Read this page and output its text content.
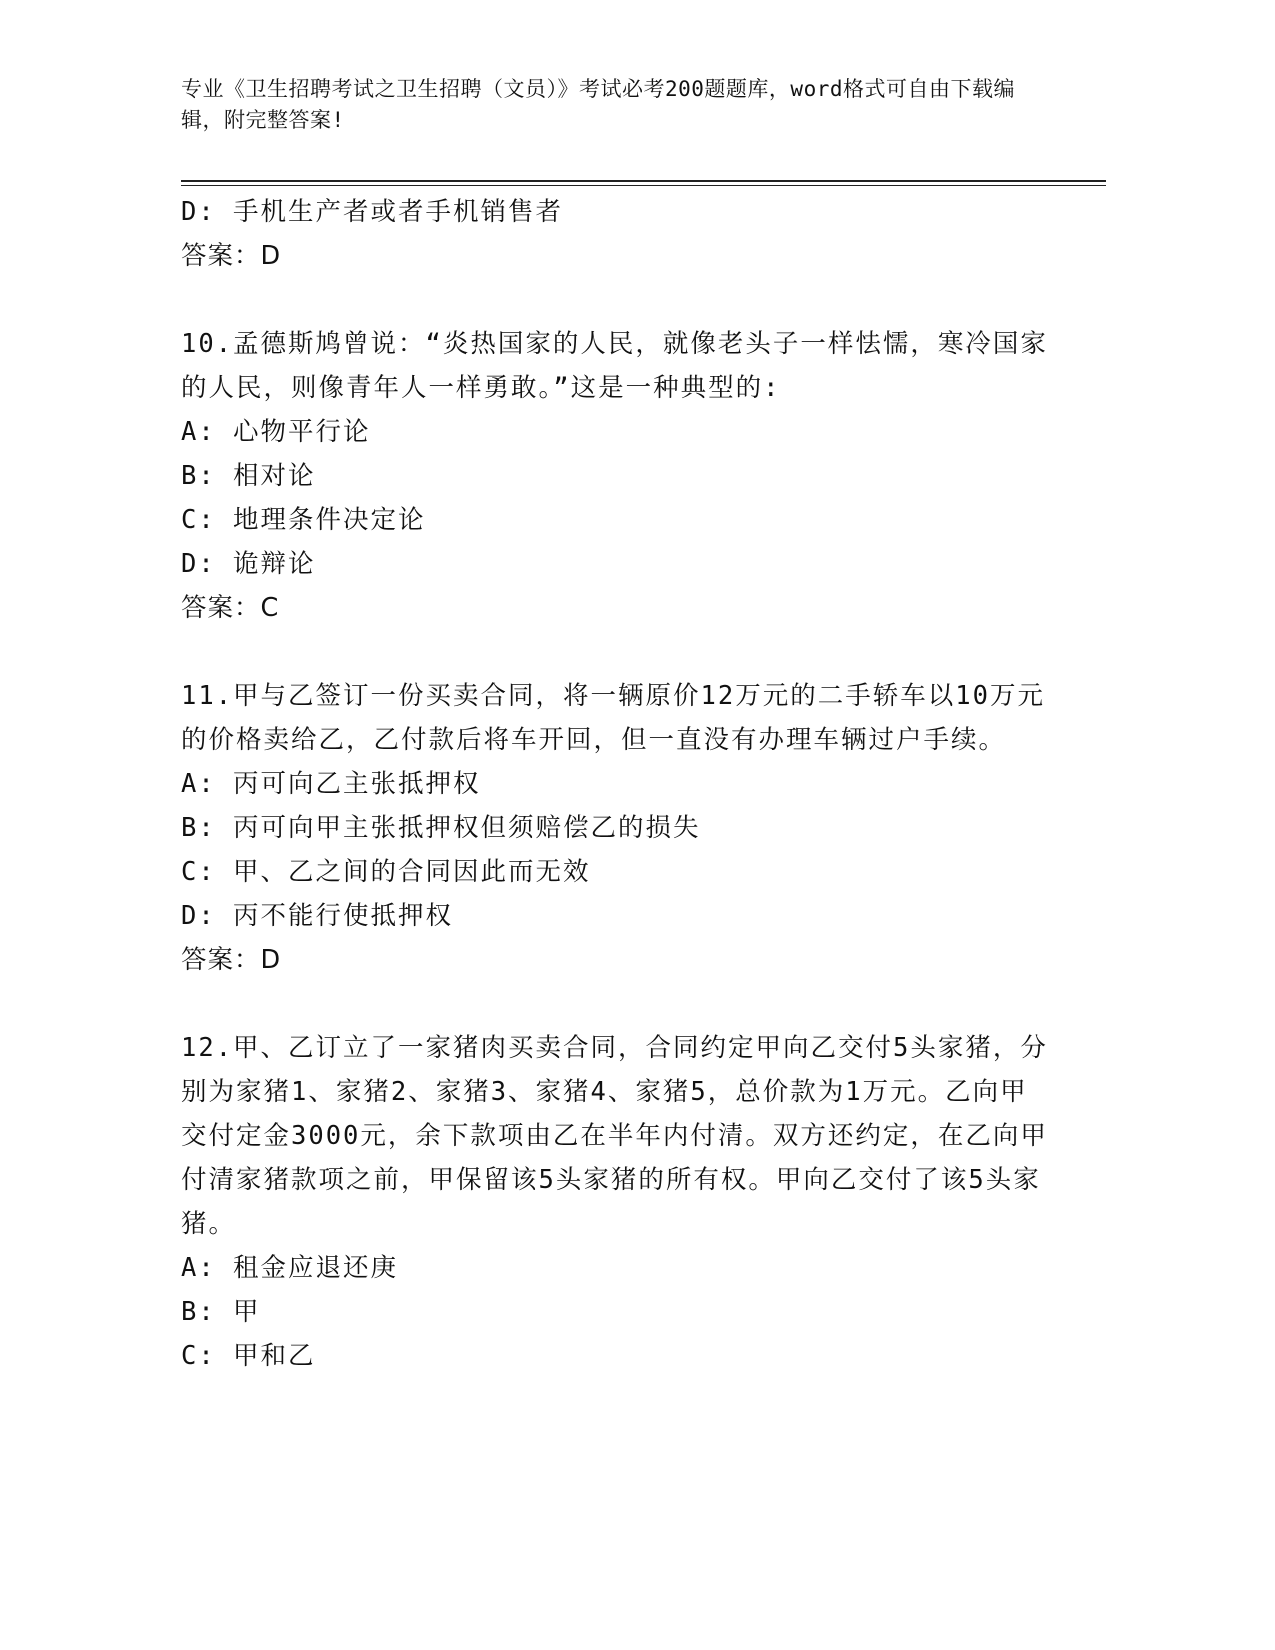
专业《卫生招聘考试之卫生招聘（文员）》考试必考200题题库，word格式可自由下载编辑，附完整答案!
D: 手机生产者或者手机销售者
答案：D
10.孟德斯鸠曾说：“炎热国家的人民，就像老头子一样怯懦，寒冷国家的人民，则像青年人一样勇敢。”这是一种典型的:
A: 心物平行论
B: 相对论
C: 地理条件决定论
D: 诡辩论
答案：C
11.甲与乙签订一份买卖合同，将一辆原价12万元的二手轿车以10万元的价格卖给乙，乙付款后将车开回，但一直没有办理车辆过户手续。
A: 丙可向乙主张抵押权
B: 丙可向甲主张抵押权但须赔偿乙的损失
C: 甲、乙之间的合同因此而无效
D: 丙不能行使抵押权
答案：D
12.甲、乙订立了一家猪肉买卖合同，合同约定甲向乙交付5头家猪，分别为家猪1、家猪2、家猪3、家猪4、家猪5，总价款为1万元。乙向甲交付定金3000元，余下款项由乙在半年内付清。双方还约定，在乙向甲付清家猪款项之前，甲保留该5头家猪的所有权。甲向乙交付了该5头家猪。
A: 租金应退还庚
B: 甲
C: 甲和乙
